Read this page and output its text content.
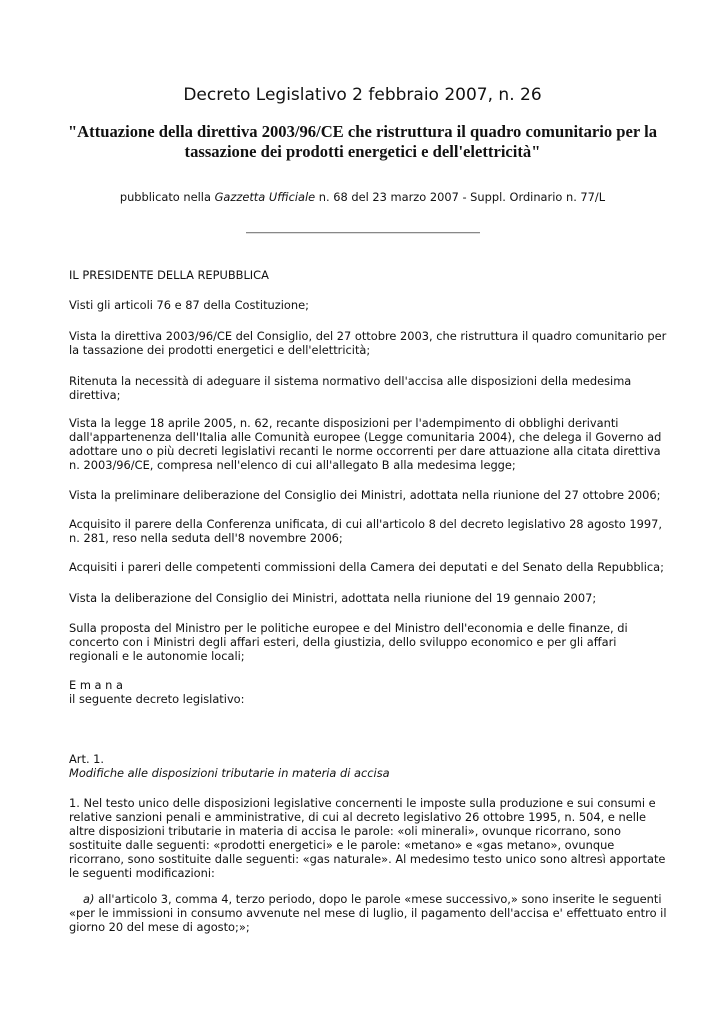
Decreto Legislativo 2 febbraio 2007, n. 26
"Attuazione della direttiva 2003/96/CE che ristruttura il quadro comunitario per la tassazione dei prodotti energetici e dell'elettricità"
pubblicato nella Gazzetta Ufficiale n. 68 del 23 marzo 2007 - Suppl. Ordinario n. 77/L

IL PRESIDENTE DELLA REPUBBLICA

Visti gli articoli 76 e 87 della Costituzione;

Vista la direttiva 2003/96/CE del Consiglio, del 27 ottobre 2003, che ristruttura il quadro comunitario per la tassazione dei prodotti energetici e dell'elettricità;

Ritenuta la necessità di adeguare il sistema normativo dell'accisa alle disposizioni della medesima direttiva;

Vista la legge 18 aprile 2005, n. 62, recante disposizioni per l'adempimento di obblighi derivanti dall'appartenenza dell'Italia alle Comunità europee (Legge comunitaria 2004), che delega il Governo ad adottare uno o più decreti legislativi recanti le norme occorrenti per dare attuazione alla citata direttiva n. 2003/96/CE, compresa nell'elenco di cui all'allegato B alla medesima legge;

Vista la preliminare deliberazione del Consiglio dei Ministri, adottata nella riunione del 27 ottobre 2006;

Acquisito il parere della Conferenza unificata, di cui all'articolo 8 del decreto legislativo 28 agosto 1997, n. 281, reso nella seduta dell'8 novembre 2006;

Acquisiti i pareri delle competenti commissioni della Camera dei deputati e del Senato della Repubblica;

Vista la deliberazione del Consiglio dei Ministri, adottata nella riunione del 19 gennaio 2007;

Sulla proposta del Ministro per le politiche europee e del Ministro dell'economia e delle finanze, di concerto con i Ministri degli affari esteri, della giustizia, dello sviluppo economico e per gli affari regionali e le autonomie locali;

E m a n a

il seguente decreto legislativo:

Art. 1.

Modifiche alle disposizioni tributarie in materia di accisa

1. Nel testo unico delle disposizioni legislative concernenti le imposte sulla produzione e sui consumi e relative sanzioni penali e amministrative, di cui al decreto legislativo 26 ottobre 1995, n. 504, e nelle altre disposizioni tributarie in materia di accisa le parole: «oli minerali», ovunque ricorrano, sono sostituite dalle seguenti: «prodotti energetici» e le parole: «metano» e «gas metano», ovunque ricorrano, sono sostituite dalle seguenti: «gas naturale». Al medesimo testo unico sono altresì apportate le seguenti modificazioni:

a) all'articolo 3, comma 4, terzo periodo, dopo le parole «mese successivo,» sono inserite le seguenti «per le immissioni in consumo avvenute nel mese di luglio, il pagamento dell'accisa e' effettuato entro il giorno 20 del mese di agosto;»;
